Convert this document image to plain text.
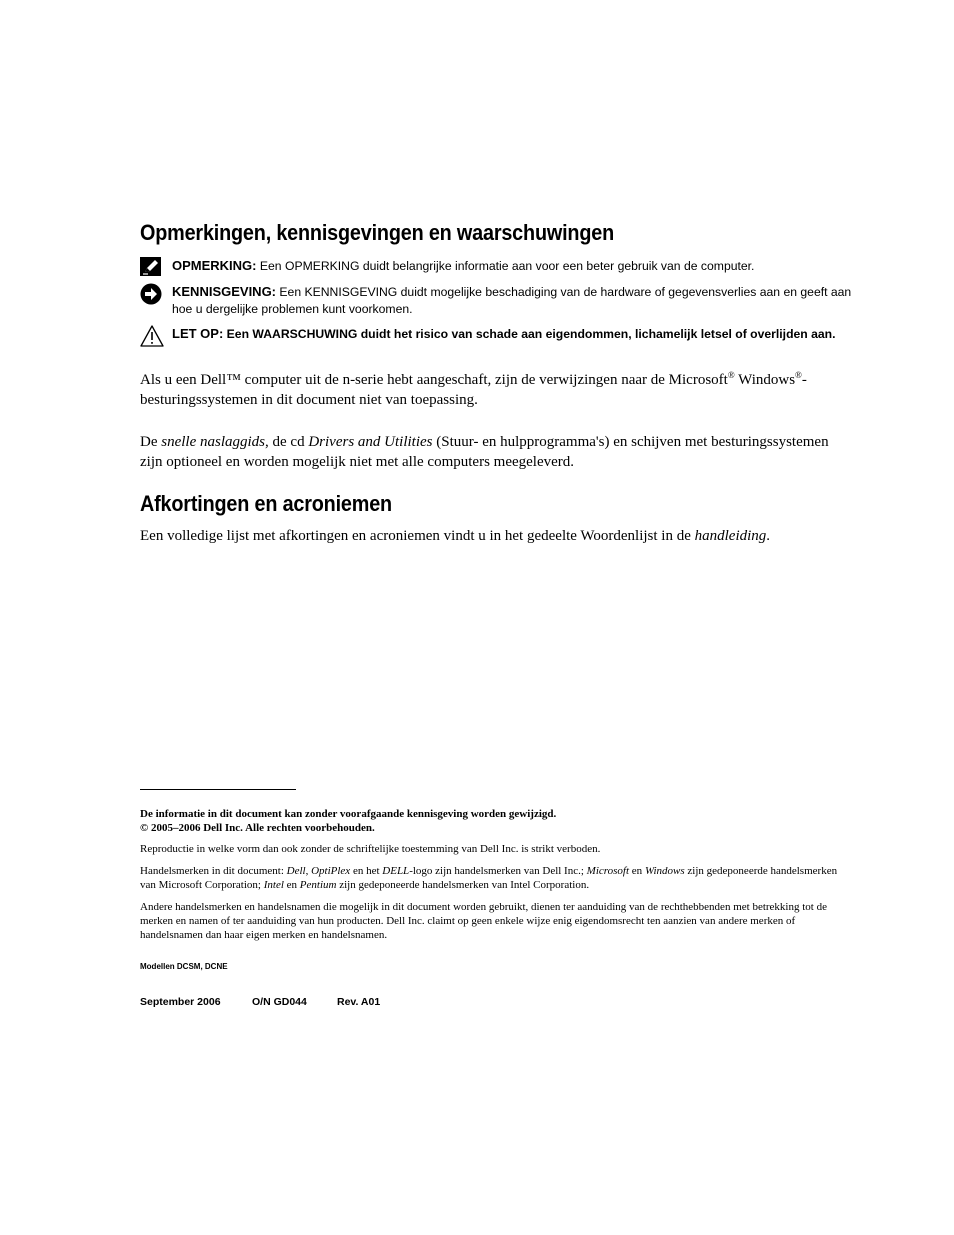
Opmerkingen, kennisgevingen en waarschuwingen
OPMERKING: Een OPMERKING duidt belangrijke informatie aan voor een beter gebruik van de computer.
KENNISGEVING: Een KENNISGEVING duidt mogelijke beschadiging van de hardware of gegevensverlies aan en geeft aan hoe u dergelijke problemen kunt voorkomen.
LET OP: Een WAARSCHUWING duidt het risico van schade aan eigendommen, lichamelijk letsel of overlijden aan.
Als u een Dell™ computer uit de n-serie hebt aangeschaft, zijn de verwijzingen naar de Microsoft® Windows®-besturingssystemen in dit document niet van toepassing.
De snelle naslaggids, de cd Drivers and Utilities (Stuur- en hulpprogramma's) en schijven met besturingssystemen zijn optioneel en worden mogelijk niet met alle computers meegeleverd.
Afkortingen en acroniemen
Een volledige lijst met afkortingen en acroniemen vindt u in het gedeelte Woordenlijst in de handleiding.
De informatie in dit document kan zonder voorafgaande kennisgeving worden gewijzigd.
© 2005–2006 Dell Inc. Alle rechten voorbehouden.
Reproductie in welke vorm dan ook zonder de schriftelijke toestemming van Dell Inc. is strikt verboden.
Handelsmerken in dit document: Dell, OptiPlex en het DELL-logo zijn handelsmerken van Dell Inc.; Microsoft en Windows zijn gedeponeerde handelsmerken van Microsoft Corporation; Intel en Pentium zijn gedeponeerde handelsmerken van Intel Corporation.
Andere handelsmerken en handelsnamen die mogelijk in dit document worden gebruikt, dienen ter aanduiding van de rechthebbenden met betrekking tot de merken en namen of ter aanduiding van hun producten. Dell Inc. claimt op geen enkele wijze enig eigendomsrecht ten aanzien van andere merken of handelsnamen dan haar eigen merken en handelsnamen.
Modellen DCSM, DCNE
September 2006	O/N GD044	Rev. A01
